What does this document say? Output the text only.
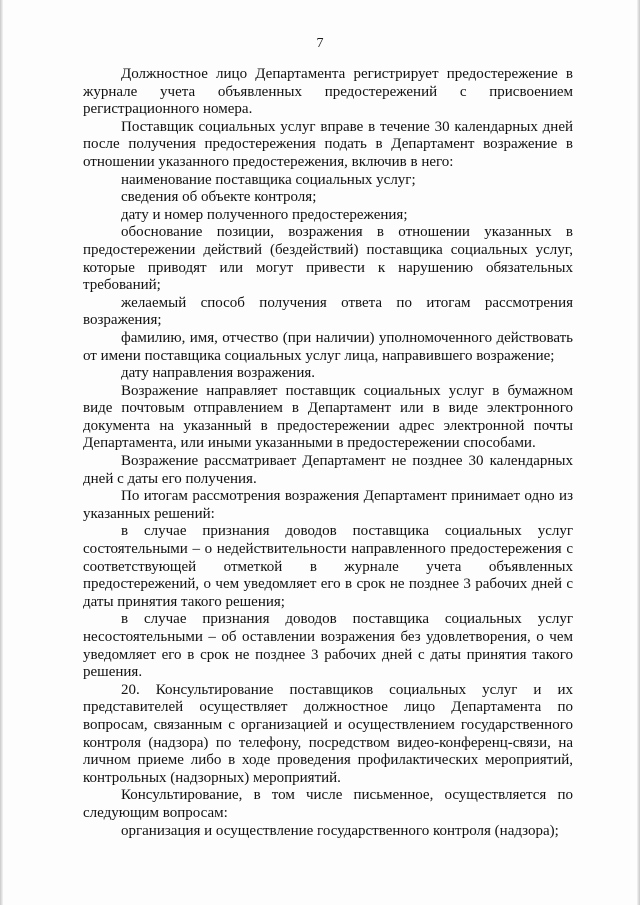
7

Должностное лицо Департамента регистрирует предостережение в журнале учета объявленных предостережений с присвоением регистрационного номера.

Поставщик социальных услуг вправе в течение 30 календарных дней после получения предостережения подать в Департамент возражение в отношении указанного предостережения, включив в него:

наименование поставщика социальных услуг;

сведения об объекте контроля;

дату и номер полученного предостережения;

обоснование позиции, возражения в отношении указанных в предостережении действий (бездействий) поставщика социальных услуг, которые приводят или могут привести к нарушению обязательных требований;

желаемый способ получения ответа по итогам рассмотрения возражения;

фамилию, имя, отчество (при наличии) уполномоченного действовать от имени поставщика социальных услуг лица, направившего возражение;

дату направления возражения.

Возражение направляет поставщик социальных услуг в бумажном виде почтовым отправлением в Департамент или в виде электронного документа на указанный в предостережении адрес электронной почты Департамента, или иными указанными в предостережении способами.

Возражение рассматривает Департамент не позднее 30 календарных дней с даты его получения.

По итогам рассмотрения возражения Департамент принимает одно из указанных решений:

в случае признания доводов поставщика социальных услуг состоятельными – о недействительности направленного предостережения с соответствующей отметкой в журнале учета объявленных предостережений, о чем уведомляет его в срок не позднее 3 рабочих дней с даты принятия такого решения;

в случае признания доводов поставщика социальных услуг несостоятельными – об оставлении возражения без удовлетворения, о чем уведомляет его в срок не позднее 3 рабочих дней с даты принятия такого решения.

20. Консультирование поставщиков социальных услуг и их представителей осуществляет должностное лицо Департамента по вопросам, связанным с организацией и осуществлением государственного контроля (надзора) по телефону, посредством видео-конференц-связи, на личном приеме либо в ходе проведения профилактических мероприятий, контрольных (надзорных) мероприятий.

Консультирование, в том числе письменное, осуществляется по следующим вопросам:

организация и осуществление государственного контроля (надзора);
